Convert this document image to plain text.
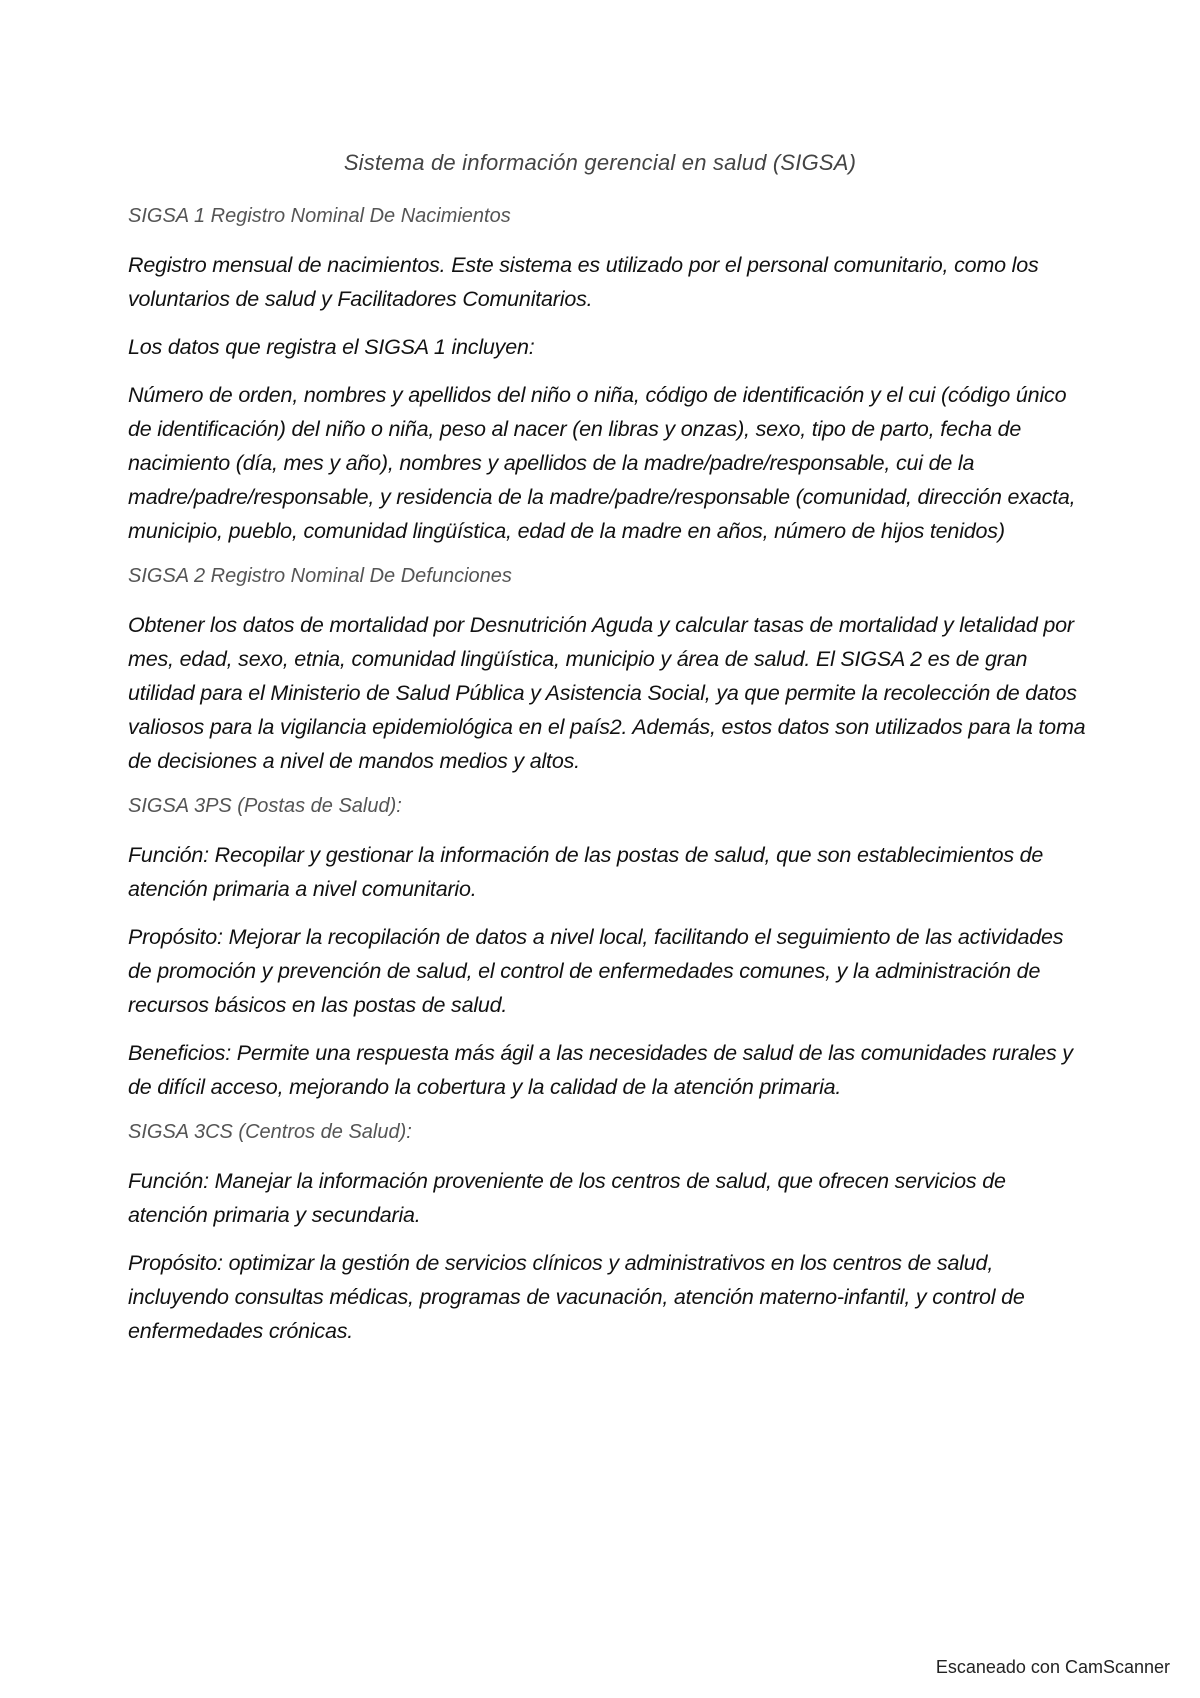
Sistema de información gerencial en salud (SIGSA)
SIGSA 1 Registro Nominal De Nacimientos

Registro mensual de nacimientos. Este sistema es utilizado por el personal comunitario, como los voluntarios de salud y Facilitadores Comunitarios.

Los datos que registra el SIGSA 1 incluyen:

Número de orden, nombres y apellidos del niño o niña, código de identificación y el cui (código único de identificación) del niño o niña, peso al nacer (en libras y onzas), sexo, tipo de parto, fecha de nacimiento (día, mes y año), nombres y apellidos de la madre/padre/responsable, cui de la madre/padre/responsable, y residencia de la madre/padre/responsable (comunidad, dirección exacta, municipio, pueblo, comunidad lingüística, edad de la madre en años, número de hijos tenidos)

SIGSA 2 Registro Nominal De Defunciones

Obtener los datos de mortalidad por Desnutrición Aguda y calcular tasas de mortalidad y letalidad por mes, edad, sexo, etnia, comunidad lingüística, municipio y área de salud. El SIGSA 2 es de gran utilidad para el Ministerio de Salud Pública y Asistencia Social, ya que permite la recolección de datos valiosos para la vigilancia epidemiológica en el país2. Además, estos datos son utilizados para la toma de decisiones a nivel de mandos medios y altos.

SIGSA 3PS (Postas de Salud):

Función: Recopilar y gestionar la información de las postas de salud, que son establecimientos de atención primaria a nivel comunitario.

Propósito: Mejorar la recopilación de datos a nivel local, facilitando el seguimiento de las actividades de promoción y prevención de salud, el control de enfermedades comunes, y la administración de recursos básicos en las postas de salud.

Beneficios: Permite una respuesta más ágil a las necesidades de salud de las comunidades rurales y de difícil acceso, mejorando la cobertura y la calidad de la atención primaria.

SIGSA 3CS (Centros de Salud):

Función: Manejar la información proveniente de los centros de salud, que ofrecen servicios de atención primaria y secundaria.

Propósito: optimizar la gestión de servicios clínicos y administrativos en los centros de salud, incluyendo consultas médicas, programas de vacunación, atención materno-infantil, y control de enfermedades crónicas.

Escaneado con CamScanner
